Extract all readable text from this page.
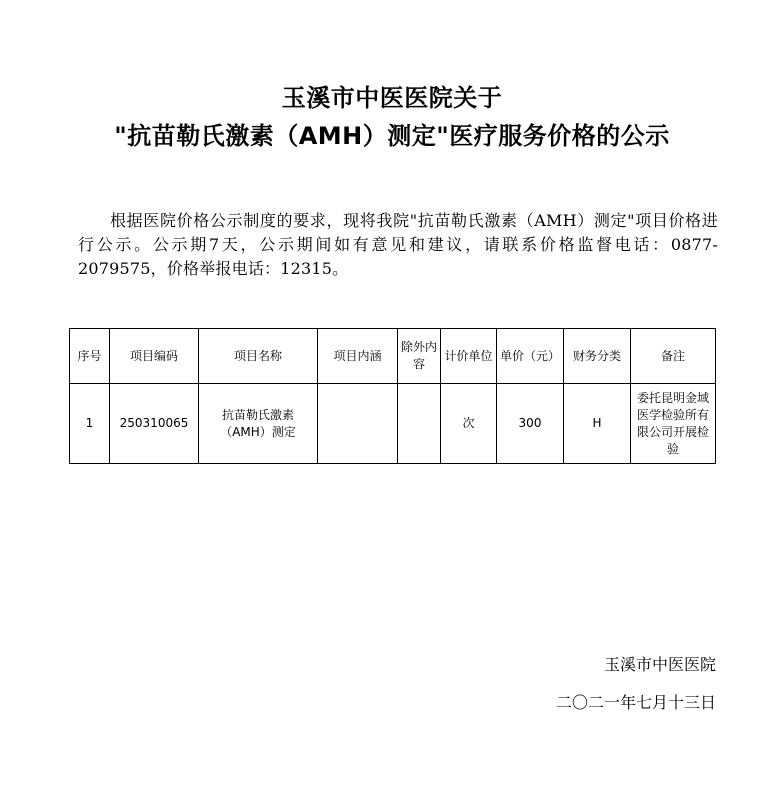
玉溪市中医医院关于
"抗苗勒氏激素（AMH）测定"医疗服务价格的公示
根据医院价格公示制度的要求，现将我院"抗苗勒氏激素（AMH）测定"项目价格进行公示。公示期7天，公示期间如有意见和建议，请联系价格监督电话：0877-2079575，价格举报电话：12315。
序号	项目编码	项目名称	项目内涵	除外内容	计价单位	单价（元）	财务分类	备注
1	250310065	抗苗勒氏激素（AMH）测定			次	300	H	委托昆明金域医学检验所有限公司开展检验
玉溪市中医医院
二〇二一年七月十三日
